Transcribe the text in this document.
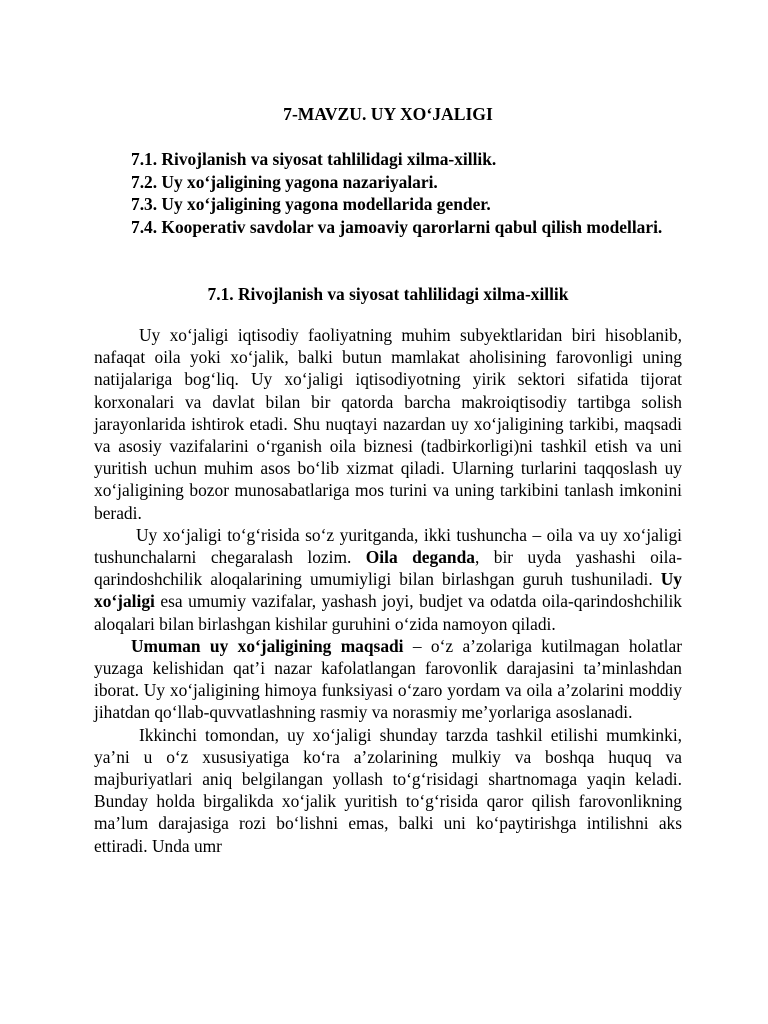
7-MAVZU. UY XO‘JALIGI
7.1. Rivojlanish va siyosat tahlilidagi xilma-xillik.
7.2. Uy xo‘jaligining yagona nazariyalari.
7.3. Uy xo‘jaligining yagona modellarida gender.
7.4. Kooperativ savdolar va jamoaviy qarorlarni qabul qilish modellari.
7.1. Rivojlanish va siyosat tahlilidagi xilma-xillik

Uy xo‘jaligi iqtisodiy faoliyatning muhim subyektlaridan biri hisoblanib, nafaqat oila yoki xo‘jalik, balki butun mamlakat aholisining farovonligi uning natijalariga bog‘liq. Uy xo‘jaligi iqtisodiyotning yirik sektori sifatida tijorat korxonalari va davlat bilan bir qatorda barcha makroiqtisodiy tartibga solish jarayonlarida ishtirok etadi. Shu nuqtayi nazardan uy xo‘jaligining tarkibi, maqsadi va asosiy vazifalarini o‘rganish oila biznesi (tadbirkorligi)ni tashkil etish va uni yuritish uchun muhim asos bo‘lib xizmat qiladi. Ularning turlarini taqqoslash uy xo‘jaligining bozor munosabatlariga mos turini va uning tarkibini tanlash imkonini beradi.

Uy xo‘jaligi to‘g‘risida so‘z yuritganda, ikki tushuncha – oila va uy xo‘jaligi tushunchalarni chegaralash lozim. Oila deganda, bir uyda yashashi oila-qarindoshchilik aloqalarining umumiyligi bilan birlashgan guruh tushuniladi. Uy xo‘jaligi esa umumiy vazifalar, yashash joyi, budjet va odatda oila-qarindoshchilik aloqalari bilan birlashgan kishilar guruhini o‘zida namoyon qiladi.

Umuman uy xo‘jaligining maqsadi – o‘z a’zolariga kutilmagan holatlar yuzaga kelishidan qat’i nazar kafolatlangan farovonlik darajasini ta’minlashdan iborat. Uy xo‘jaligining himoya funksiyasi o‘zaro yordam va oila a’zolarini moddiy jihatdan qo‘llab-quvvatlashning rasmiy va norasmiy me’yorlariga asoslanadi.

Ikkinchi tomondan, uy xo‘jaligi shunday tarzda tashkil etilishi mumkinki, ya’ni u o‘z xususiyatiga ko‘ra a’zolarining mulkiy va boshqa huquq va majburiyatlari aniq belgilangan yollash to‘g‘risidagi shartnomaga yaqin keladi. Bunday holda birgalikda xo‘jalik yuritish to‘g‘risida qaror qilish farovonlikning ma’lum darajasiga rozi bo‘lishni emas, balki uni ko‘paytirishga intilishni aks ettiradi. Unda umr
